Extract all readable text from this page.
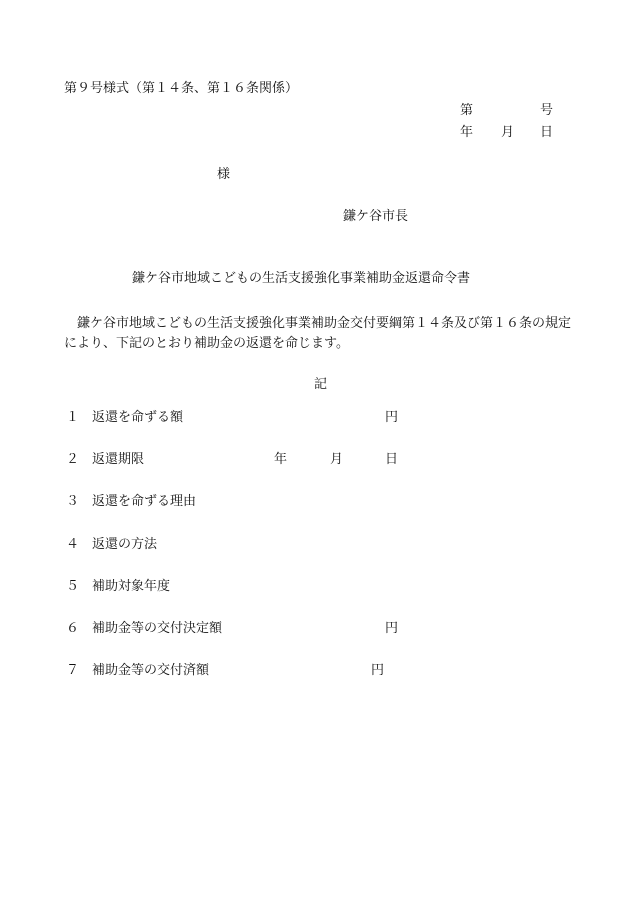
第９号様式（第１４条、第１６条関係）
第	号
年 月 日
様
鎌ケ谷市長
鎌ケ谷市地域こどもの生活支援強化事業補助金返還命令書
鎌ケ谷市地域こどもの生活支援強化事業補助金交付要綱第１４条及び第１６条の規定により、下記のとおり補助金の返還を命じます。
記
１ 返還を命ずる額	円
２ 返還期限	年	月	日
３ 返還を命ずる理由
４ 返還の方法
５ 補助対象年度
６ 補助金等の交付決定額	円
７ 補助金等の交付済額	円
